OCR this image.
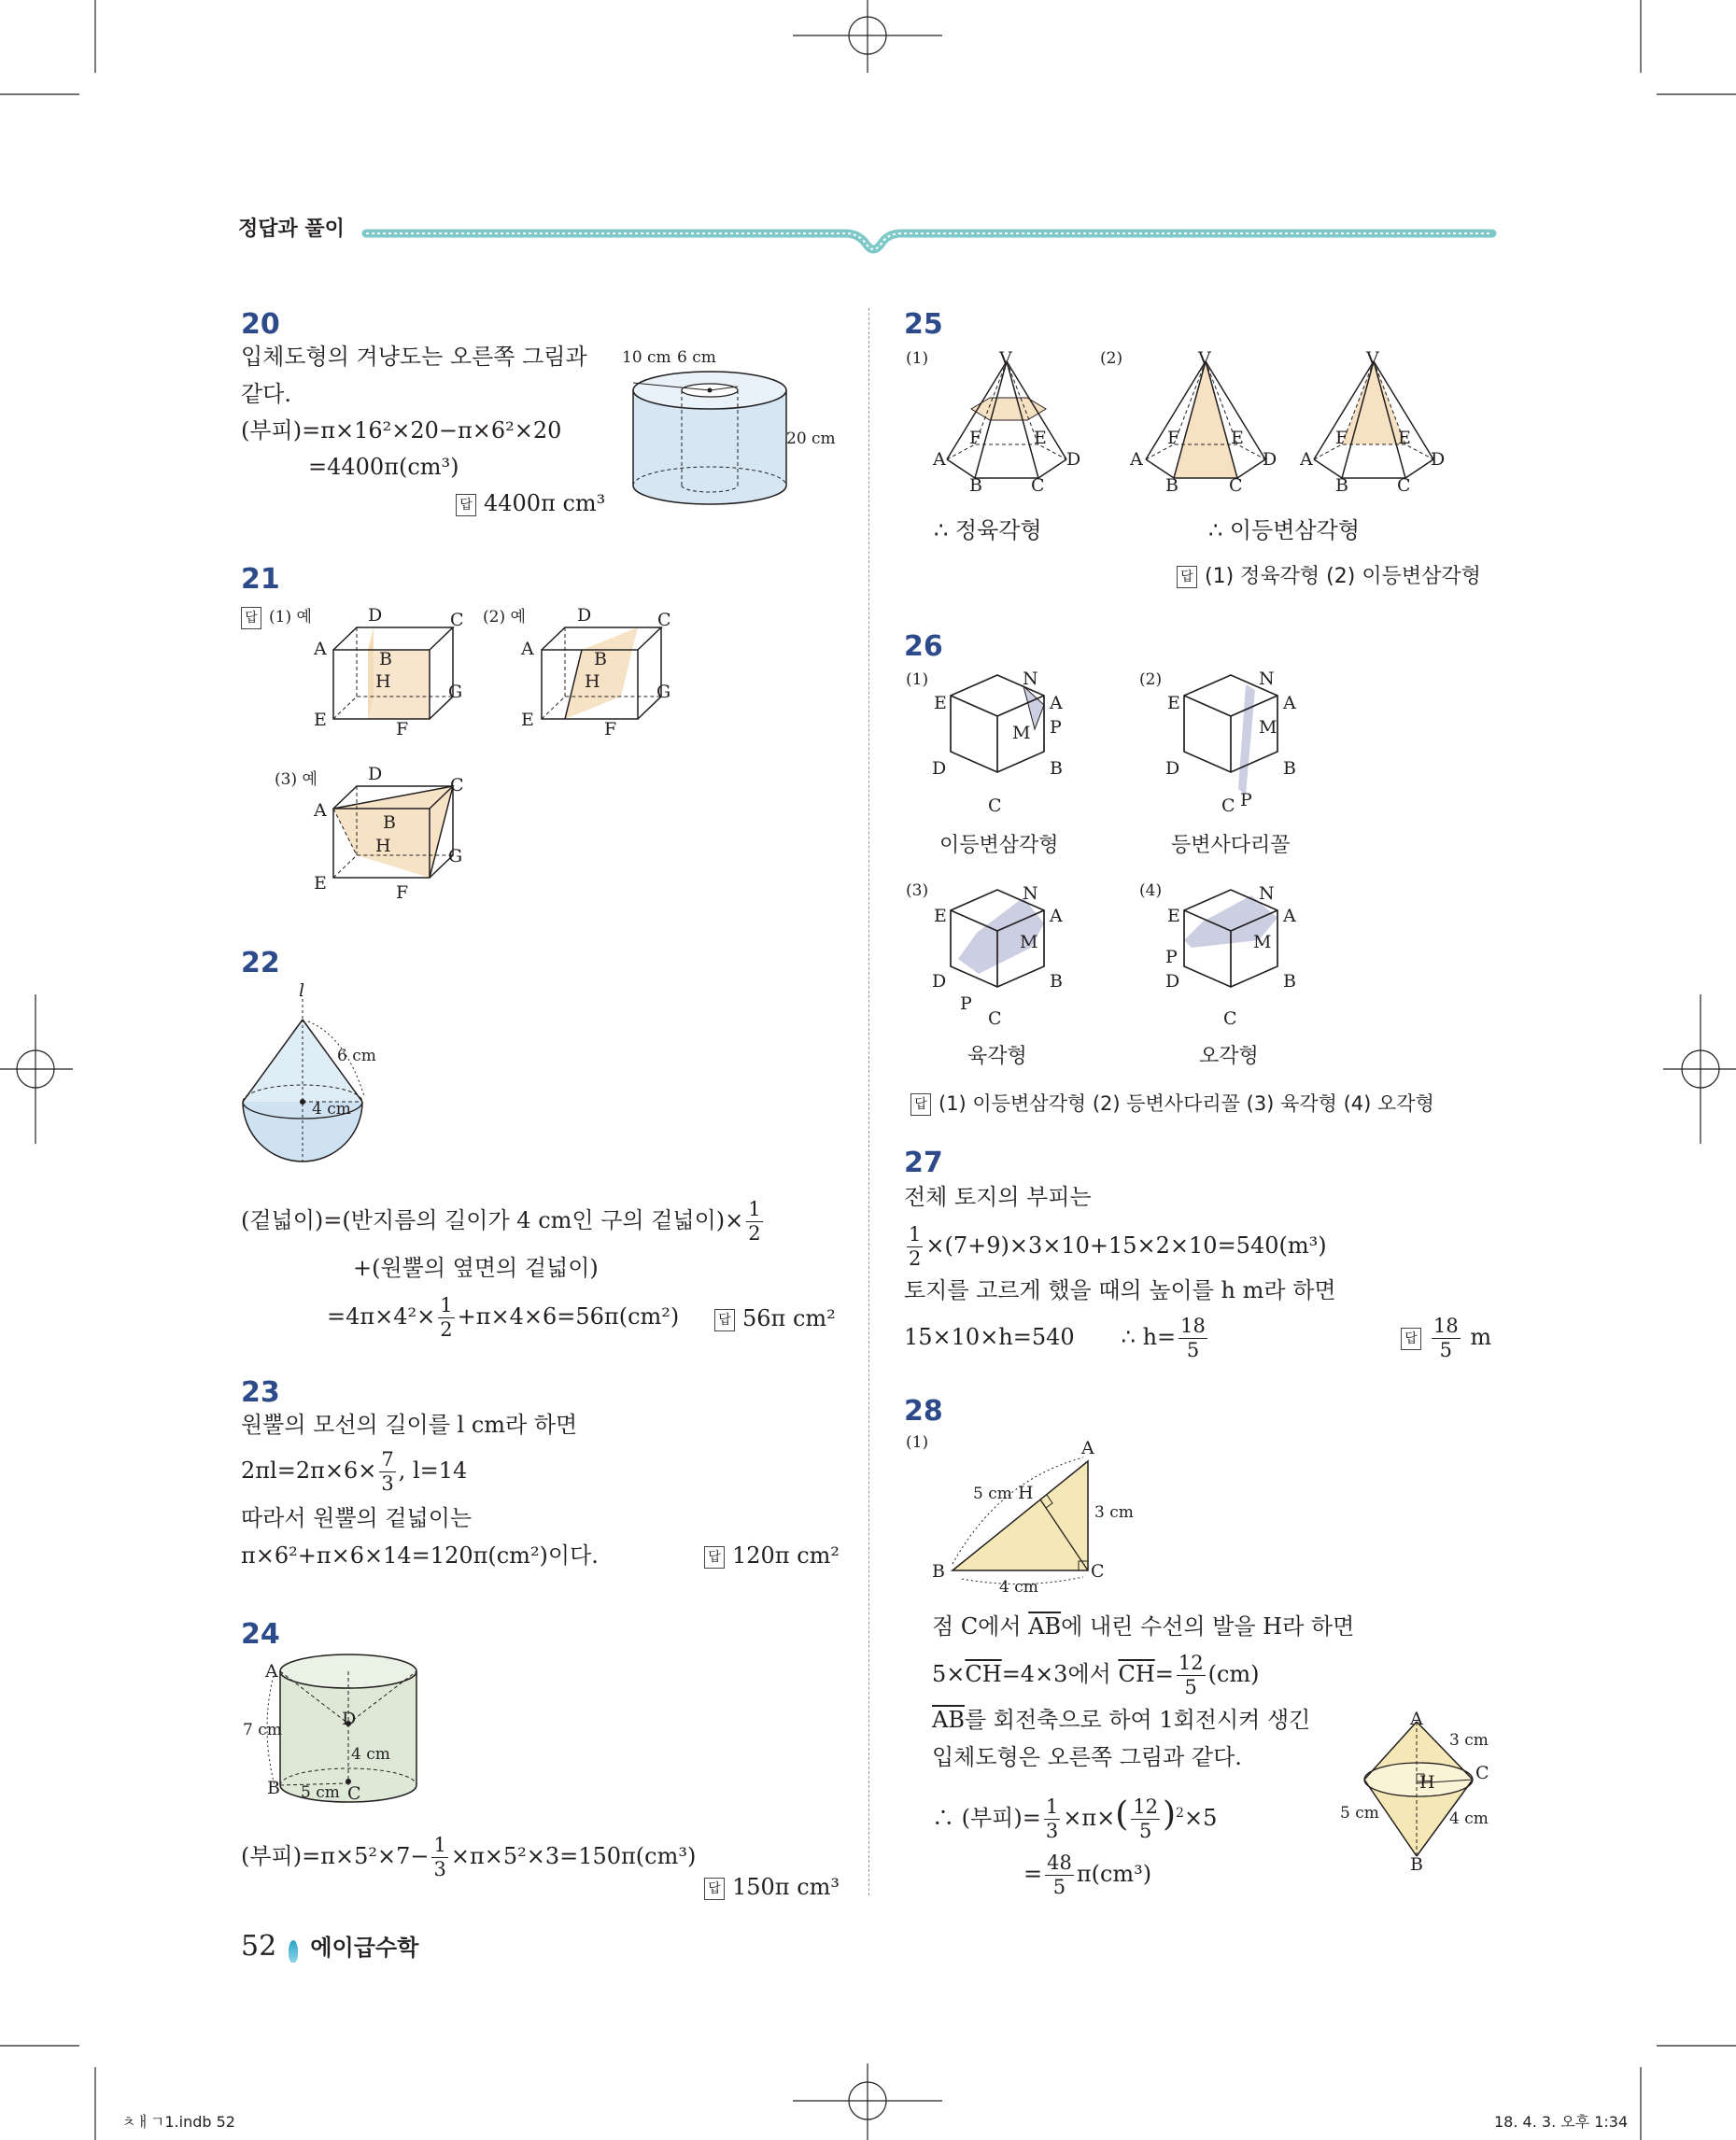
정답과 풀이
20
입체도형의 겨냥도는 오른쪽 그림과
같다.
(부피)=π×16²×20−π×6²×20
=4400π(cm³)
답 4400π cm³
10 cm 6 cm
20 cm
21
답 (1) 예	(2) 예
(3) 예
D	C
A	B
H	G
E	F
D	C
A	B
H	G
E	F
D
C
A
B
H	G
E	F
22
l
6 cm
4 cm
(겉넓이)=(반지름의 길이가 4 cm인 구의 겉넓이)× $\frac{1}{2}$
+(원뿔의 옆면의 겉넓이)
$=4\pi\times 4^2\times \frac{1}{2} +\pi\times 4\times 6=56\pi(cm^2)$	답 56π cm²
23
원뿔의 모선의 길이를 l cm라 하면
$2\pi l=2\pi\times 6\times \frac{7}{3}$ , l=14
따라서 원뿔의 겉넓이는
π×6²+π×6×14=120π(cm²)이다.	답 120π cm²
24
A
7 cm
D
4 cm
B 5 cm C
(부피)$=\pi\times 5^2\times 7- \frac{1}{3} \times\pi\times 5^2\times 3=150\pi(cm^3)$
답 150π cm³
25
(1)	(2)
V
A
F	E
D
B	C
V
A
F	E
D
B	C
V
A
F	E
D
B	C
∴ 정육각형	∴ 이등변삼각형
답 (1) 정육각형 (2) 이등변삼각형
26
(1)	N
E	A
P
M
D	B
C
이등변삼각형
(2)	N
E	A
M
D	B
C P
등변사다리꼴
(3)	N
E	A
M
D	B
P
C
육각형
(4)	N
E	A
M
P
D	B
C
오각형
답 (1) 이등변삼각형 (2) 등변사다리꼴 (3) 육각형 (4) 오각형
27
전체 토지의 부피는
$\frac{1}{2} \times(7+9)\times 3\times 10+15\times 2\times 10=540(m^3)$
토지를 고르게 했을 때의 높이를 h m라 하면
15×10×h=540 ∴ $h= \frac{18}{5}$	답 $\frac{18}{5}$ m
28
(1)	A
5 cm H
3 cm
B	C
4 cm
점 C에서 $\overline{AB}$에 내린 수선의 발을 H라 하면
$5\times\overline{CH}=4\times 3$에서 $\overline{CH}= \frac{12}{5} (cm)$
$\overline{AB}$를 회전축으로 하여 1회전시켜 생긴
입체도형은 오른쪽 그림과 같다.
∴ (부피)= $\frac{1}{3} \times\pi\times( \frac{12}{5} )^2\times 5$
= $\frac{48}{5} \pi(cm^3)$
A
3 cm
C
H
5 cm	4 cm
B
52 에이급수학
ㅊㅐㄱ1.indb 52	18. 4. 3. 오후 1:34
